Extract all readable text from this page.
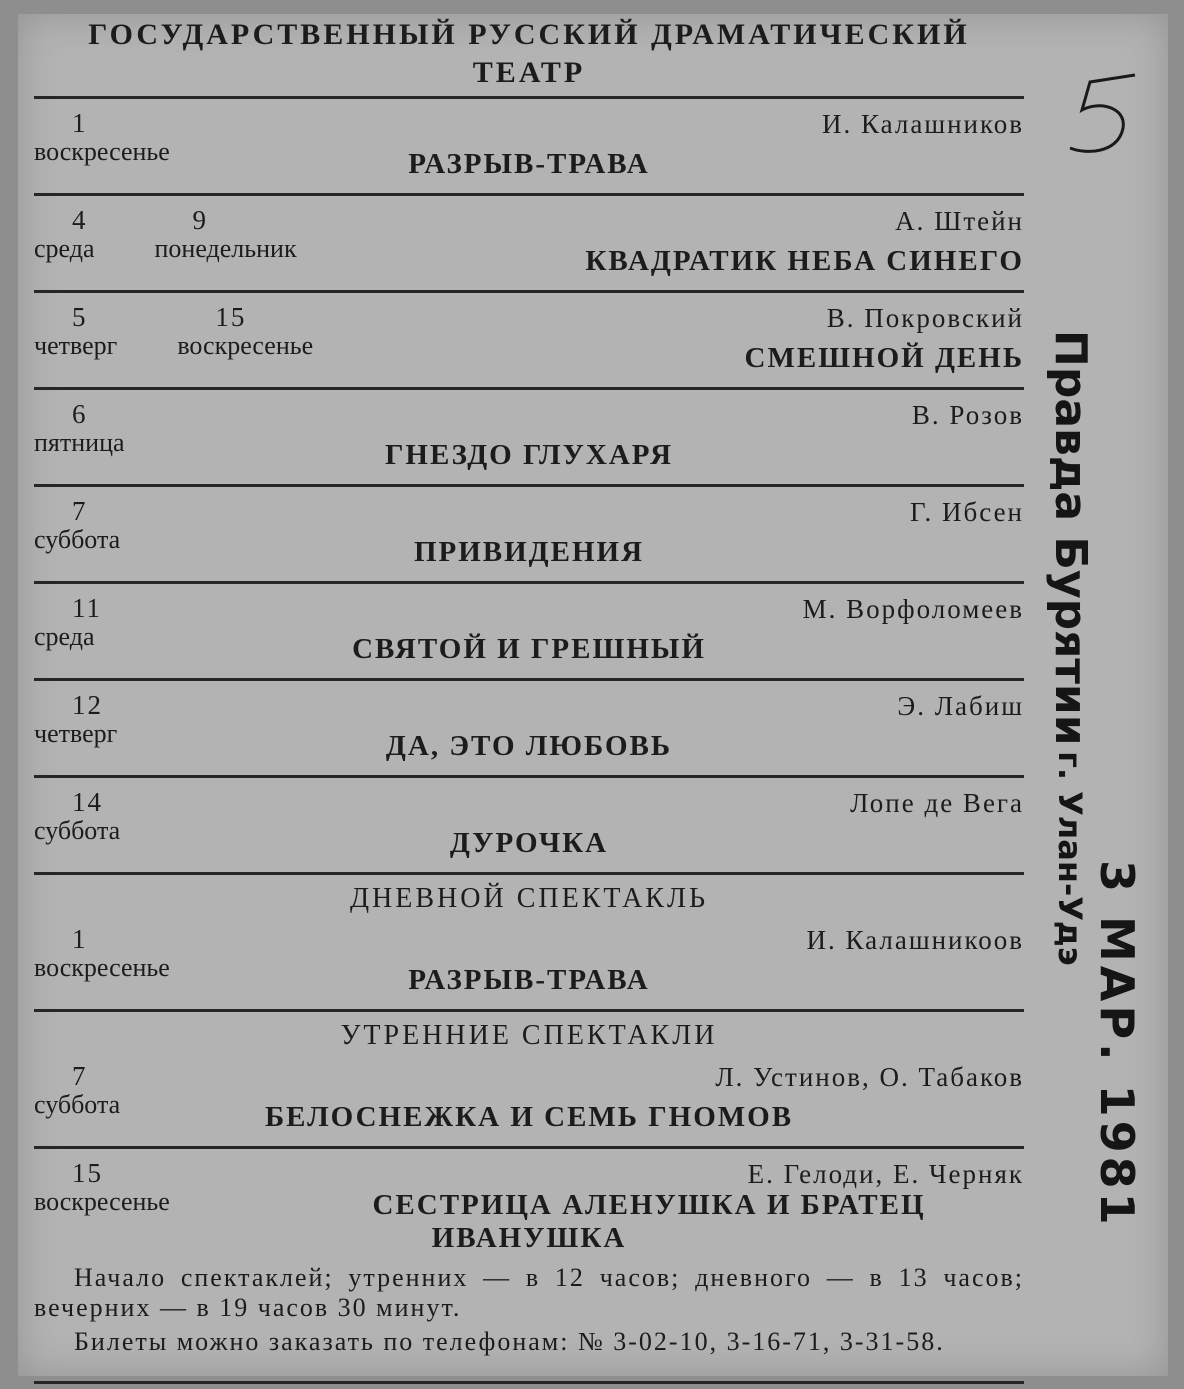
ГОСУДАРСТВЕННЫЙ РУССКИЙ ДРАМАТИЧЕСКИЙ
ТЕАТР
1
воскресенье
И. Калашников
РАЗРЫВ-ТРАВА
4
среда
9
понедельник
А. Штейн
КВАДРАТИК НЕБА СИНЕГО
5
четверг
15
воскресенье
В. Покровский
СМЕШНОЙ ДЕНЬ
6
пятница
В. Розов
ГНЕЗДО ГЛУХАРЯ
7
суббота
Г. Ибсен
ПРИВИДЕНИЯ
11
среда
М. Ворфоломеев
СВЯТОЙ И ГРЕШНЫЙ
12
четверг
Э. Лабиш
ДА, ЭТО ЛЮБОВЬ
14
суббота
Лопе де Вега
ДУРОЧКА
ДНЕВНОЙ СПЕКТАКЛЬ
1
воскресенье
И. Калашникоов
РАЗРЫВ-ТРАВА
УТРЕННИЕ СПЕКТАКЛИ
7
суббота
Л. Устинов, О. Табаков
БЕЛОСНЕЖКА И СЕМЬ ГНОМОВ
15
воскресенье
Е. Гелоди, Е. Черняк
СЕСТРИЦА АЛЕНУШКА И БРАТЕЦ
ИВАНУШКА
Начало спектаклей; утренних — в 12 часов; дневного — в 13 часов; вечерних — в 19 часов 30 минут.
Билеты можно заказать по телефонам: № 3-02-10, 3-16-71, 3-31-58.
Правда Бурятии г. Улан-Удэ
3 МАР. 1981
